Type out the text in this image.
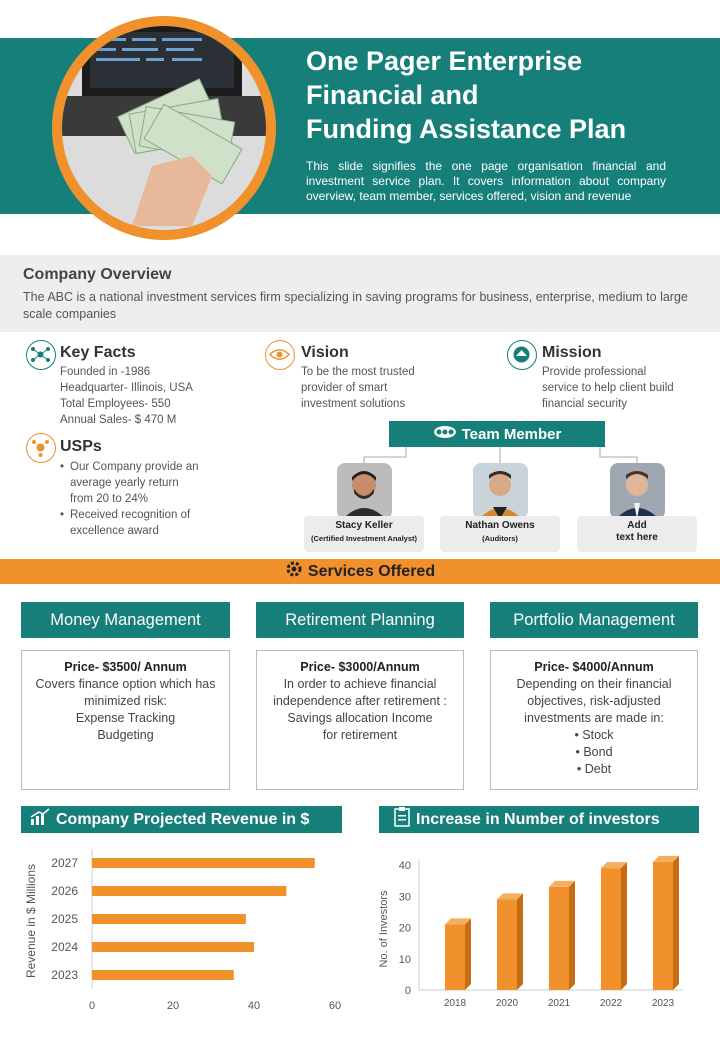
One Pager Enterprise
Financial and
Funding Assistance Plan
This slide signifies the one page organisation financial and investment service plan. It covers information about company overview, team member, services offered, vision and revenue
Company Overview
The ABC is a national investment services firm specializing in saving programs for business, enterprise, medium to large scale companies
Key Facts
Founded in -1986
Headquarter- Illinois, USA
Total Employees- 550
Annual Sales- $ 470 M
Vision
To be the most trusted
provider of smart
investment solutions
Mission
Provide professional
service to help client build
financial security
USPs
• Our Company provide an
average yearly return
from 20 to 24%
• Received recognition of
excellence award
Team Member
Stacy Keller
(Certified Investment Analyst)
Nathan Owens
(Auditors)
Add
text here
Services Offered
Money Management
Price- $3500/ Annum
Covers finance option which has
minimized risk:
Expense Tracking
Budgeting
Retirement Planning
Price- $3000/Annum
In order to achieve financial
independence after retirement :
Savings allocation Income
for retirement
Portfolio Management
Price- $4000/Annum
Depending on their financial
objectives, risk-adjusted
investments are made in:
• Stock
• Bond
• Debt
Company Projected Revenue in $
2027
2026
2025
2024
2023
0	20	40	60
Revenue in $ Millions
Increase in Number of investors
0
10
20
30
40
2018	2020	2021	2022	2023
No. of Investors
